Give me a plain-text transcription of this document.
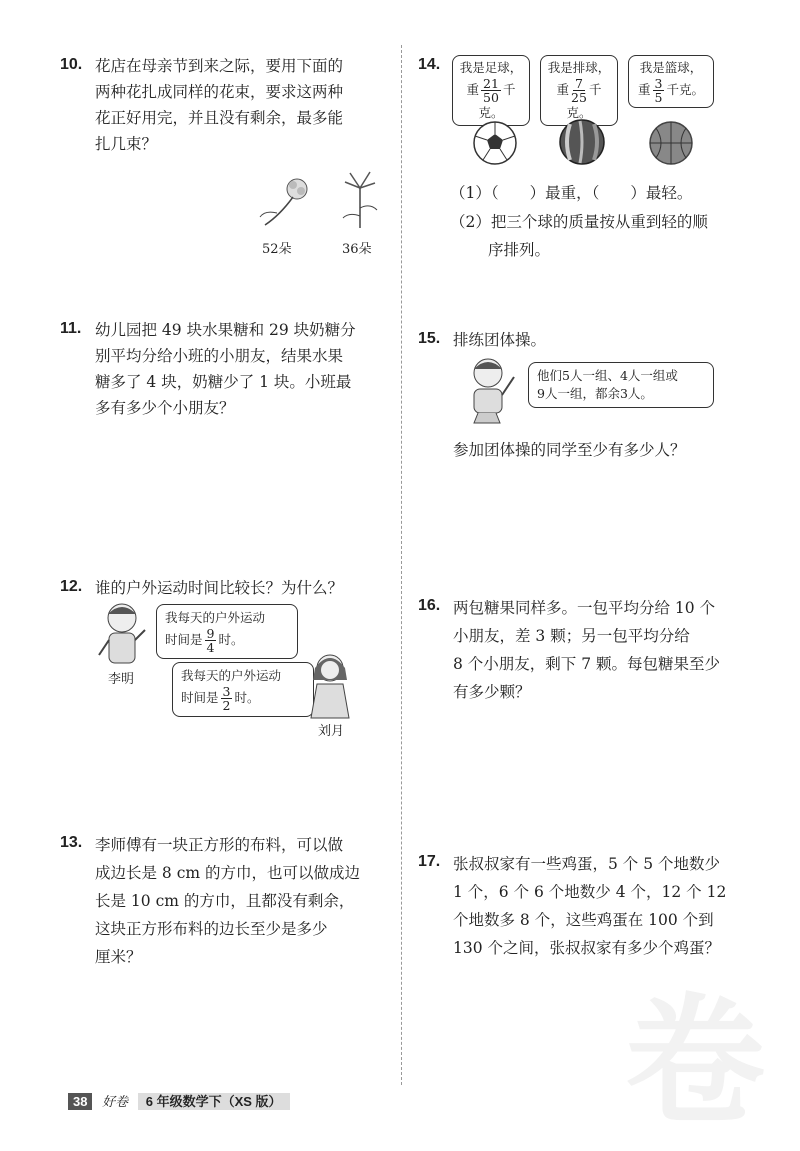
卷
10. 花店在母亲节到来之际，要用下面的
两种花扎成同样的花束，要求这两种
花正好用完，并且没有剩余，最多能
扎几束？
52朵	36朵
11. 幼儿园把 49 块水果糖和 29 块奶糖分
别平均分给小班的小朋友，结果水果
糖多了 4 块，奶糖少了 1 块。小班最
多有多少个小朋友？
12. 谁的户外运动时间比较长？为什么？
李明
我每天的户外运动
时间是 $\frac{9}{4}$ 时。
我每天的户外运动
时间是 $\frac{3}{2}$ 时。
刘月
13. 李师傅有一块正方形的布料，可以做
成边长是 8 cm 的方巾，也可以做成边
长是 10 cm 的方巾，且都没有剩余，
这块正方形布料的边长至少是多少
厘米？
14. 我是足球，
重 $\frac{21}{50}$ 千克。
我是排球，
重 $\frac{7}{25}$ 千克。
我是篮球，
重 $\frac{3}{5}$ 千克。
（1）（　　）最重，（　　）最轻。
（2）把三个球的质量按从重到轻的顺
序排列。
15. 排练团体操。
他们5人一组、4人一组或
9人一组，都余3人。
参加团体操的同学至少有多少人？
16. 两包糖果同样多。一包平均分给 10 个
小朋友，差 3 颗；另一包平均分给
8 个小朋友，剩下 7 颗。每包糖果至少
有多少颗？
17. 张叔叔家有一些鸡蛋，5 个 5 个地数少
1 个，6 个 6 个地数少 4 个，12 个 12
个地数多 8 个，这些鸡蛋在 100 个到
130 个之间，张叔叔家有多少个鸡蛋？
38 好卷 6 年级数学下（XS 版）
